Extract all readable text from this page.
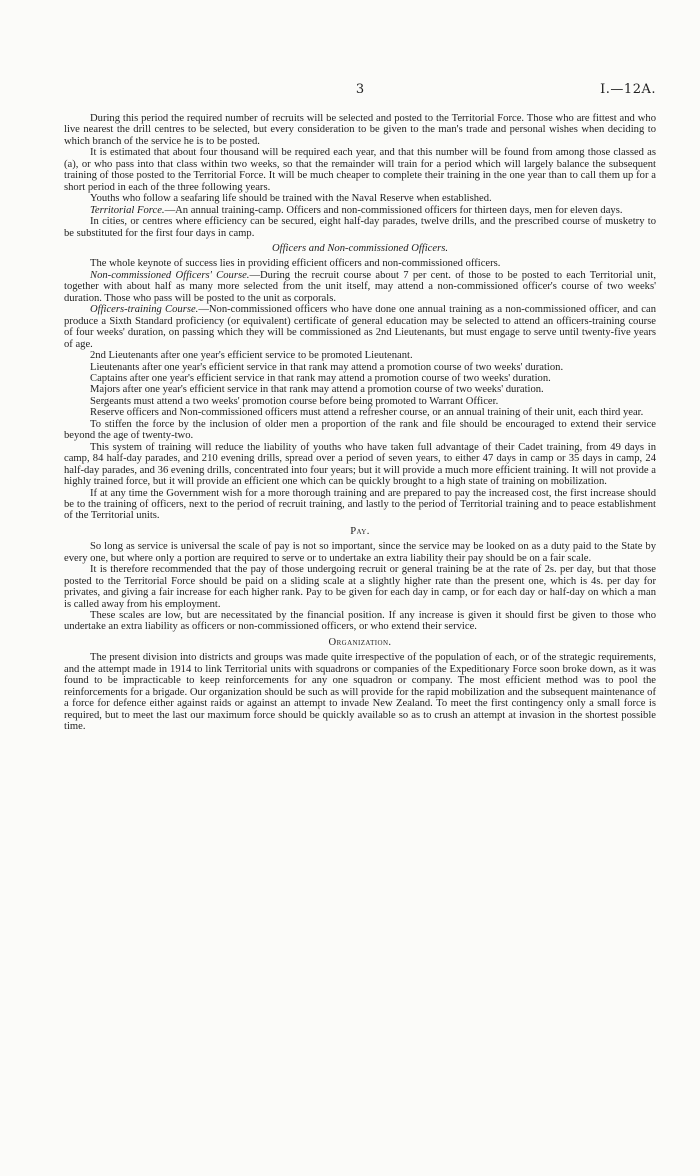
3	I.—12A.

During this period the required number of recruits will be selected and posted to the Territorial Force. Those who are fittest and who live nearest the drill centres to be selected, but every consideration to be given to the man's trade and personal wishes when deciding to which branch of the service he is to be posted.

It is estimated that about four thousand will be required each year, and that this number will be found from among those classed as (a), or who pass into that class within two weeks, so that the remainder will train for a period which will largely balance the subsequent training of those posted to the Territorial Force. It will be much cheaper to complete their training in the one year than to call them up for a short period in each of the three following years.

Youths who follow a seafaring life should be trained with the Naval Reserve when established.

Territorial Force.—An annual training-camp. Officers and non-commissioned officers for thirteen days, men for eleven days.

In cities, or centres where efficiency can be secured, eight half-day parades, twelve drills, and the prescribed course of musketry to be substituted for the first four days in camp.

Officers and Non-commissioned Officers.

The whole keynote of success lies in providing efficient officers and non-commissioned officers.

Non-commissioned Officers' Course.—During the recruit course about 7 per cent. of those to be posted to each Territorial unit, together with about half as many more selected from the unit itself, may attend a non-commissioned officer's course of two weeks' duration. Those who pass will be posted to the unit as corporals.

Officers-training Course.—Non-commissioned officers who have done one annual training as a non-commissioned officer, and can produce a Sixth Standard proficiency (or equivalent) certificate of general education may be selected to attend an officers-training course of four weeks' duration, on passing which they will be commissioned as 2nd Lieutenants, but must engage to serve until twenty-five years of age.

2nd Lieutenants after one year's efficient service to be promoted Lieutenant.

Lieutenants after one year's efficient service in that rank may attend a promotion course of two weeks' duration.

Captains after one year's efficient service in that rank may attend a promotion course of two weeks' duration.

Majors after one year's efficient service in that rank may attend a promotion course of two weeks' duration.

Sergeants must attend a two weeks' promotion course before being promoted to Warrant Officer.

Reserve officers and Non-commissioned officers must attend a refresher course, or an annual training of their unit, each third year.

To stiffen the force by the inclusion of older men a proportion of the rank and file should be encouraged to extend their service beyond the age of twenty-two.

This system of training will reduce the liability of youths who have taken full advantage of their Cadet training, from 49 days in camp, 84 half-day parades, and 210 evening drills, spread over a period of seven years, to either 47 days in camp or 35 days in camp, 24 half-day parades, and 36 evening drills, concentrated into four years; but it will provide a much more efficient training. It will not provide a highly trained force, but it will provide an efficient one which can be quickly brought to a high state of training on mobilization.

If at any time the Government wish for a more thorough training and are prepared to pay the increased cost, the first increase should be to the training of officers, next to the period of recruit training, and lastly to the period of Territorial training and to peace establishment of the Territorial units.

Pay.

So long as service is universal the scale of pay is not so important, since the service may be looked on as a duty paid to the State by every one, but where only a portion are required to serve or to undertake an extra liability their pay should be on a fair scale.

It is therefore recommended that the pay of those undergoing recruit or general training be at the rate of 2s. per day, but that those posted to the Territorial Force should be paid on a sliding scale at a slightly higher rate than the present one, which is 4s. per day for privates, and giving a fair increase for each higher rank. Pay to be given for each day in camp, or for each day or half-day on which a man is called away from his employment.

These scales are low, but are necessitated by the financial position. If any increase is given it should first be given to those who undertake an extra liability as officers or non-commissioned officers, or who extend their service.

Organization.

The present division into districts and groups was made quite irrespective of the population of each, or of the strategic requirements, and the attempt made in 1914 to link Territorial units with squadrons or companies of the Expeditionary Force soon broke down, as it was found to be impracticable to keep reinforcements for any one squadron or company. The most efficient method was to pool the reinforcements for a brigade. Our organization should be such as will provide for the rapid mobilization and the subsequent maintenance of a force for defence either against raids or against an attempt to invade New Zealand. To meet the first contingency only a small force is required, but to meet the last our maximum force should be quickly available so as to crush an attempt at invasion in the shortest possible time.
